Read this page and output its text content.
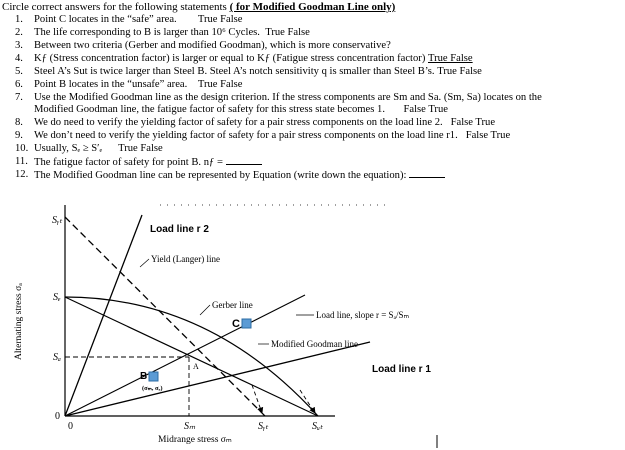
Circle correct answers for the following statements ( for Modified Goodman Line only)
1. Point C locates in the “safe” area. True False
2. The life corresponding to B is larger than 10⁶ Cycles. True False
3. Between two criteria (Gerber and modified Goodman), which is more conservative?
4. Kƒ (Stress concentration factor) is larger or equal to Kƒ (Fatigue stress concentration factor) True False
5. Steel A’s Sut is twice larger than Steel B. Steel A’s notch sensitivity q is smaller than Steel B’s. True False
6. Point B locates in the “unsafe” area. True False
7. Use the Modified Goodman line as the design criterion. If the stress components are Sm and Sa. (Sm, Sa) locates on the
Modified Goodman line, the fatigue factor of safety for this stress state becomes 1. False True
8. We do need to verify the yielding factor of safety for a pair stress components on the load line 2. False True
9. We don’t need to verify the yielding factor of safety for a pair stress components on the load line r1. False True
10. Usually, Sₑ ≥ S′ₑ True False
11. The fatigue factor of safety for point B. nƒ =
12. The Modified Goodman line can be represented by Equation (write down the equation):
Sᵧₜ
Sₑ
Sₐ
0
0	Sₘ	Sᵧₜ	Sᵤₜ
Midrange stress σₘ
Alternating stress σₐ
Load line r 2
Yield (Langer) line
Gerber line
Load line, slope r = Sₐ/Sₘ
Modified Goodman line
Load line r 1
C
B
(σₘ, σₐ)
A
